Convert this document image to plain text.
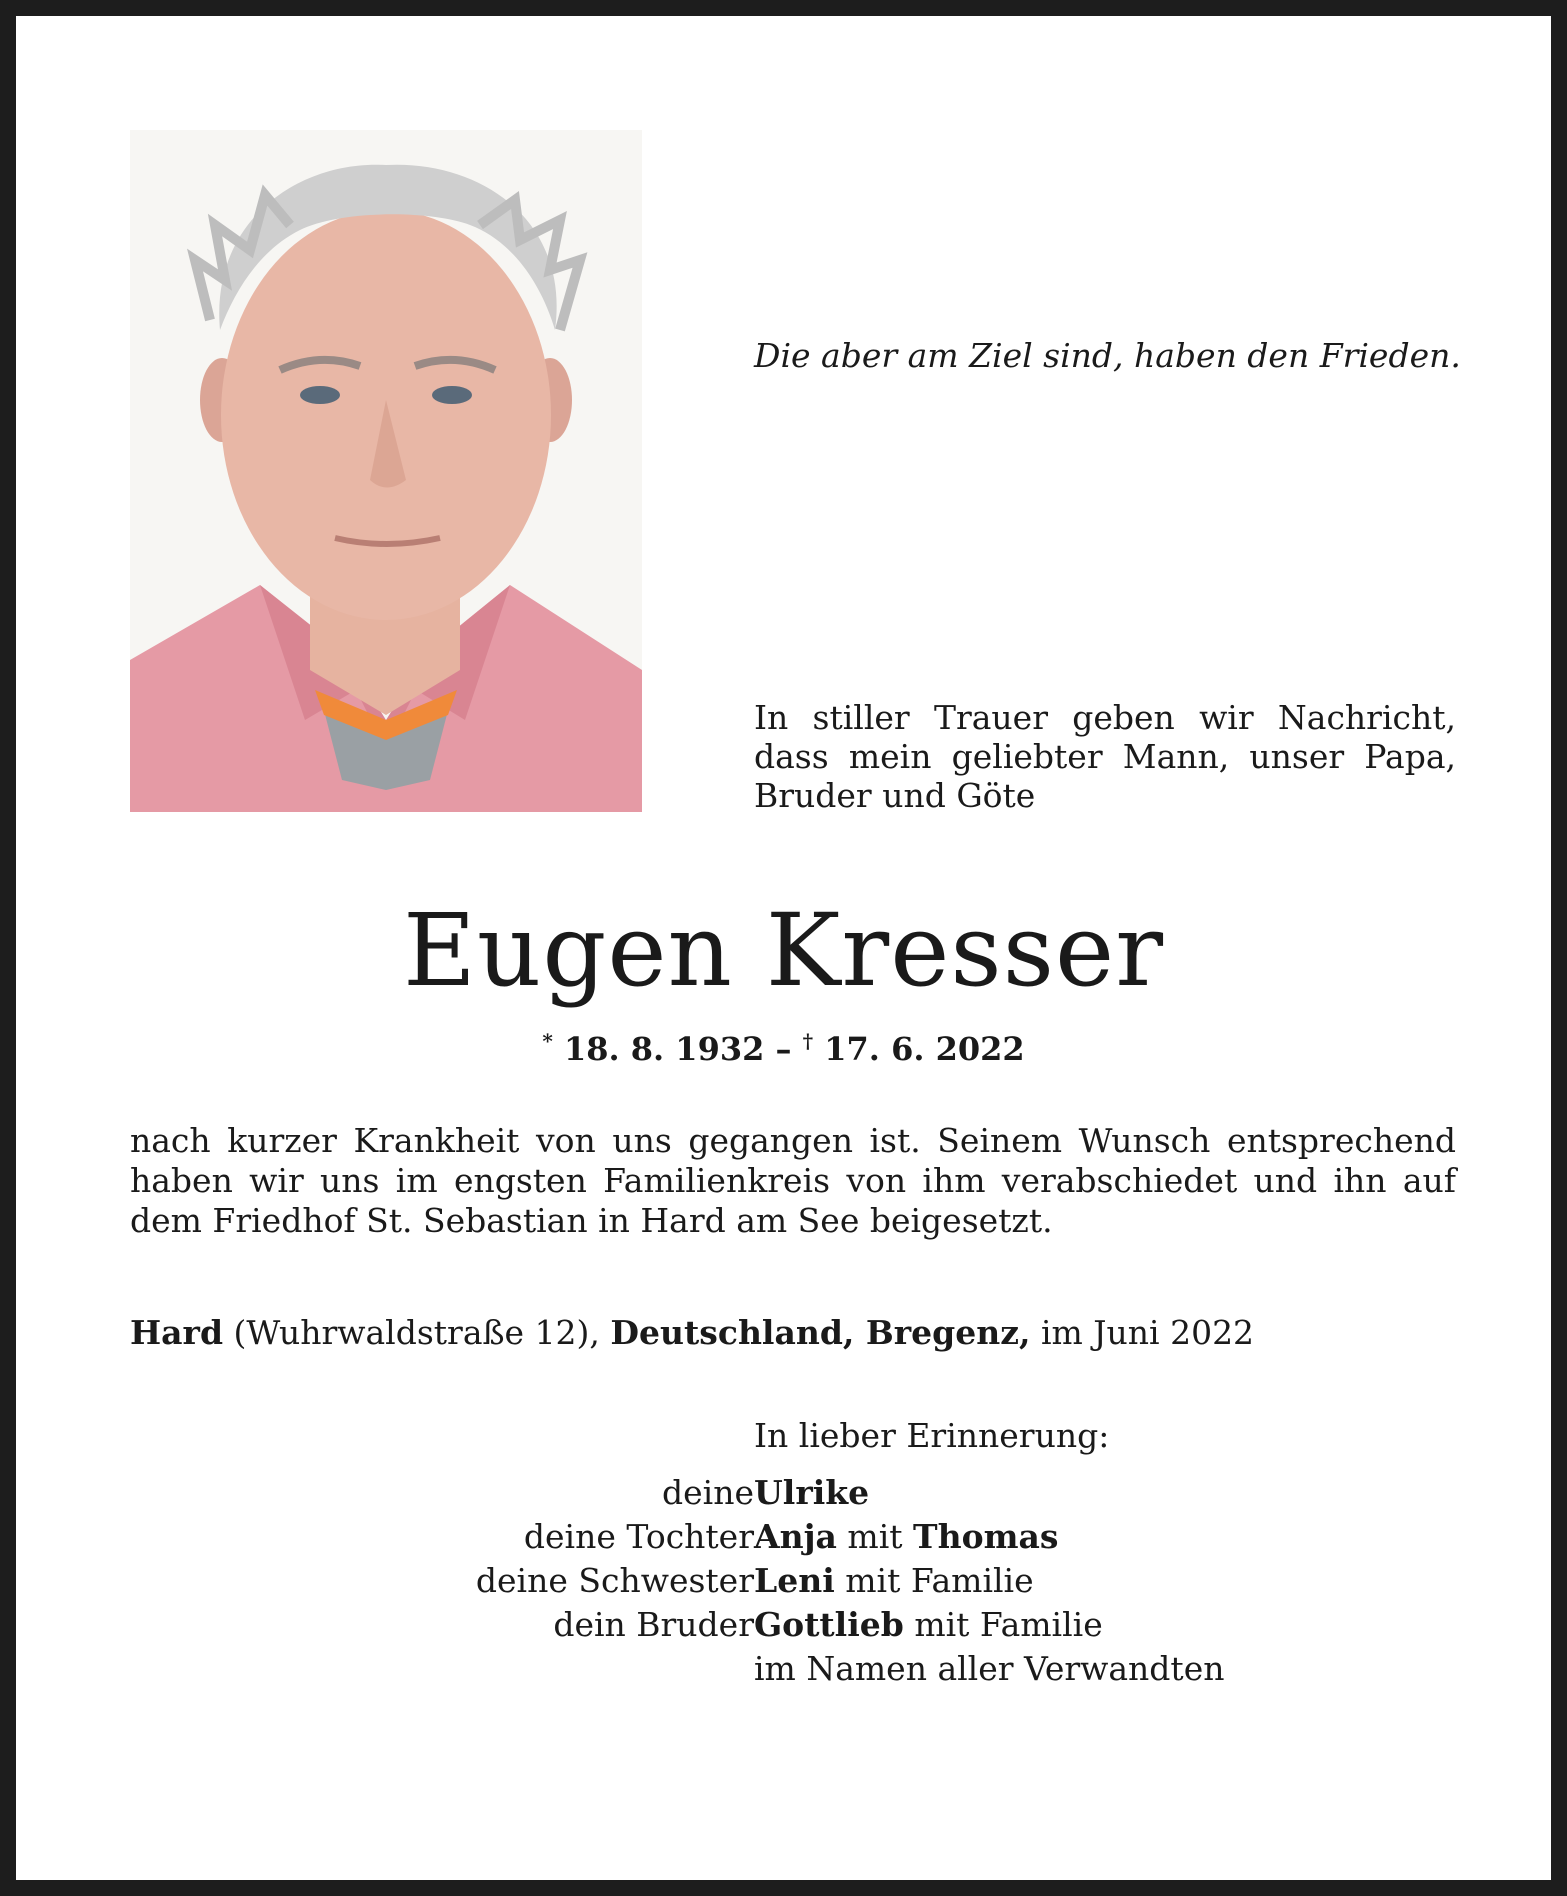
Die aber am Ziel sind, haben den Frieden.
In stiller Trauer geben wir Nachricht,
dass mein geliebter Mann, unser Papa,
Bruder und Göte
Eugen Kresser
* 18. 8. 1932 – † 17. 6. 2022
nach kurzer Krankheit von uns gegangen ist. Seinem Wunsch entsprechend
haben wir uns im engsten Familienkreis von ihm verabschiedet und ihn auf
dem Friedhof St. Sebastian in Hard am See beigesetzt.
Hard (Wuhrwaldstraße 12), Deutschland, Bregenz, im Juni 2022
In lieber Erinnerung:
deine Ulrike
deine Tochter Anja mit Thomas
deine Schwester Leni mit Familie
dein Bruder Gottlieb mit Familie
im Namen aller Verwandten
